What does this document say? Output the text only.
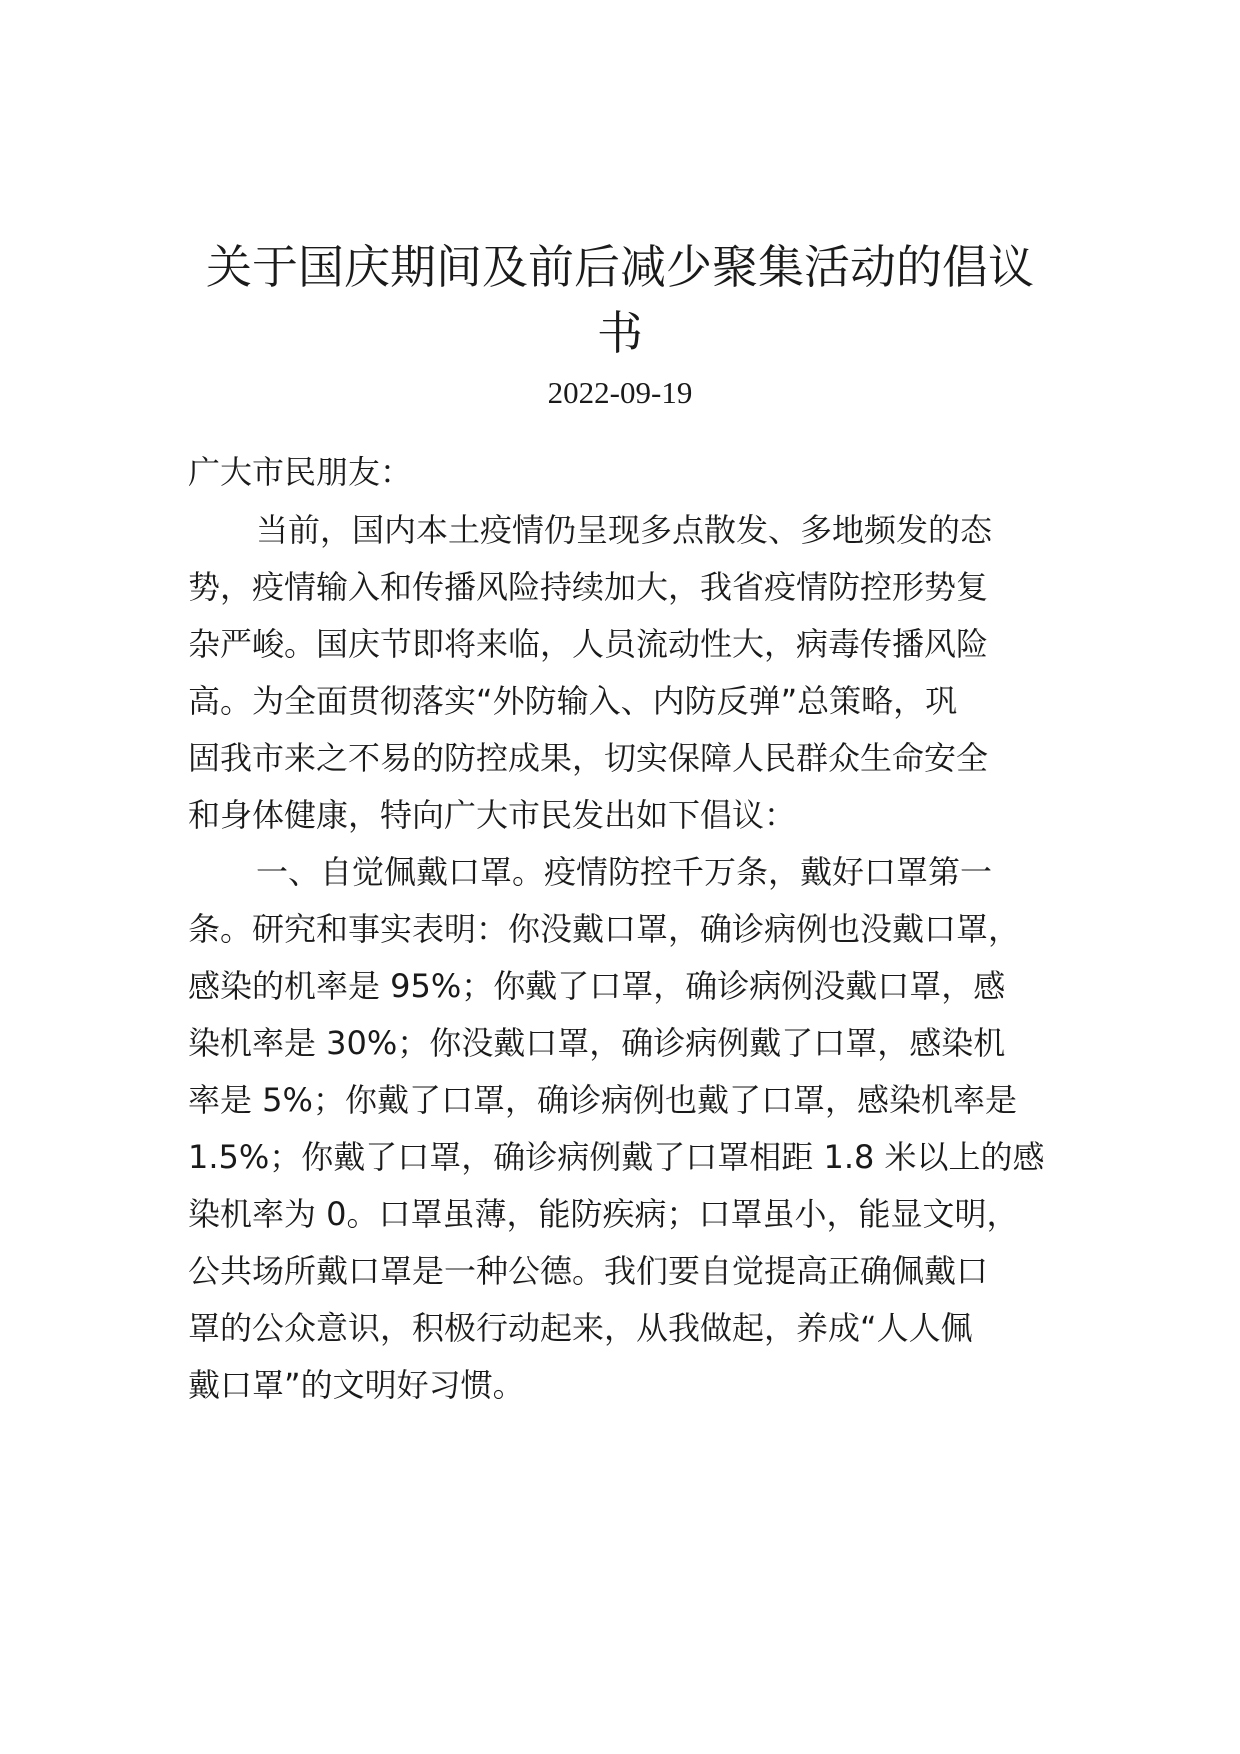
关于国庆期间及前后减少聚集活动的倡议
书
2022-09-19
广大市民朋友：
当前，国内本土疫情仍呈现多点散发、多地频发的态
势，疫情输入和传播风险持续加大，我省疫情防控形势复
杂严峻。国庆节即将来临，人员流动性大，病毒传播风险
高。为全面贯彻落实“外防输入、内防反弹”总策略，巩
固我市来之不易的防控成果，切实保障人民群众生命安全
和身体健康，特向广大市民发出如下倡议：
一、自觉佩戴口罩。疫情防控千万条，戴好口罩第一
条。研究和事实表明：你没戴口罩，确诊病例也没戴口罩，
感染的机率是 95%；你戴了口罩，确诊病例没戴口罩，感
染机率是 30%；你没戴口罩，确诊病例戴了口罩，感染机
率是 5%；你戴了口罩，确诊病例也戴了口罩，感染机率是
1.5%；你戴了口罩，确诊病例戴了口罩相距 1.8 米以上的感
染机率为 0。口罩虽薄，能防疾病；口罩虽小，能显文明，
公共场所戴口罩是一种公德。我们要自觉提高正确佩戴口
罩的公众意识，积极行动起来，从我做起，养成“人人佩
戴口罩”的文明好习惯。
